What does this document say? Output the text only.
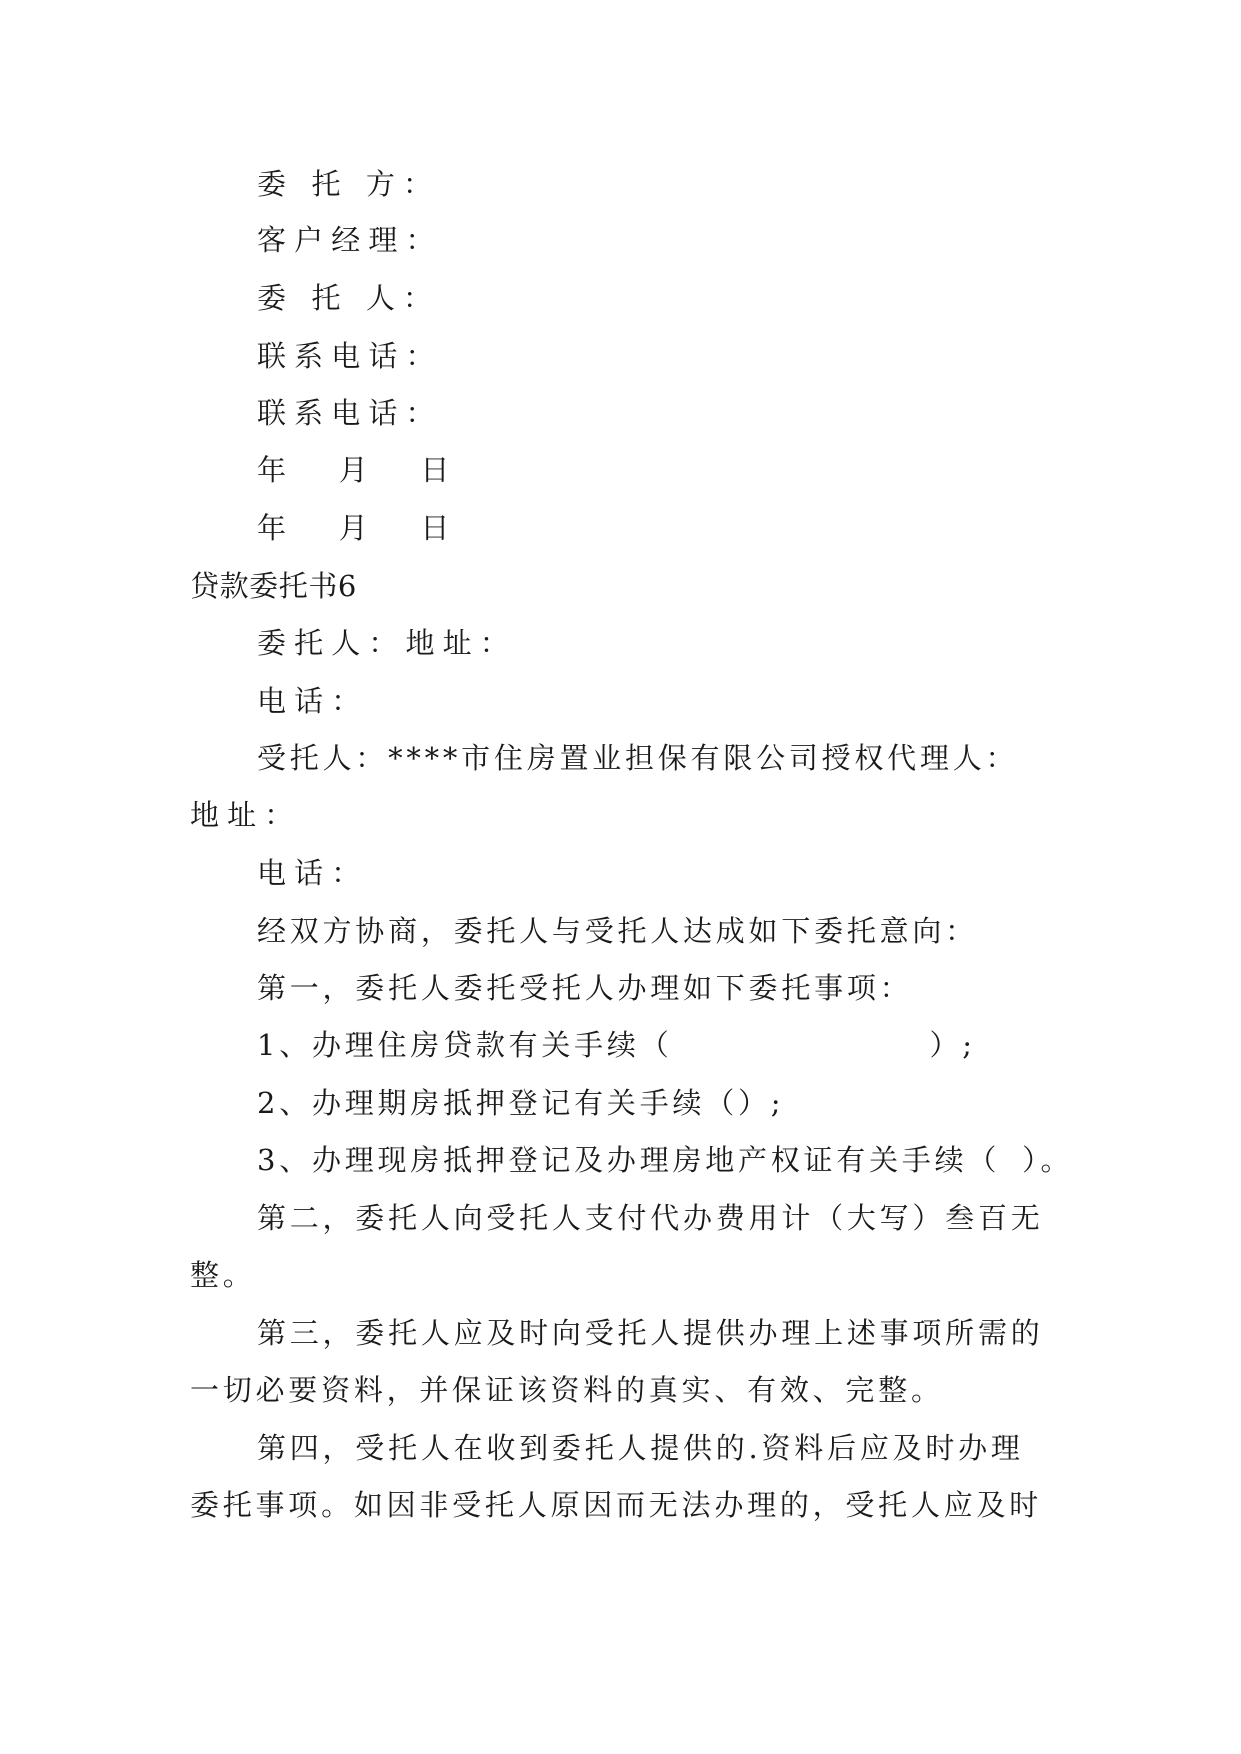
委 托 方：
客户经理：
委 托 人：
联系电话：
联系电话：
年 月 日
年 月 日
贷款委托书6
委托人：地址：
电话：
受托人：****市住房置业担保有限公司授权代理人：
地址：
电话：
经双方协商，委托人与受托人达成如下委托意向：
第一，委托人委托受托人办理如下委托事项：
1、办理住房贷款有关手续（	）;
2、办理期房抵押登记有关手续（）;
3、办理现房抵押登记及办理房地产权证有关手续（ ）。
第二，委托人向受托人支付代办费用计（大写）叁百无
整。
第三，委托人应及时向受托人提供办理上述事项所需的
一切必要资料，并保证该资料的真实、有效、完整。
第四，受托人在收到委托人提供的.资料后应及时办理
委托事项。如因非受托人原因而无法办理的，受托人应及时
